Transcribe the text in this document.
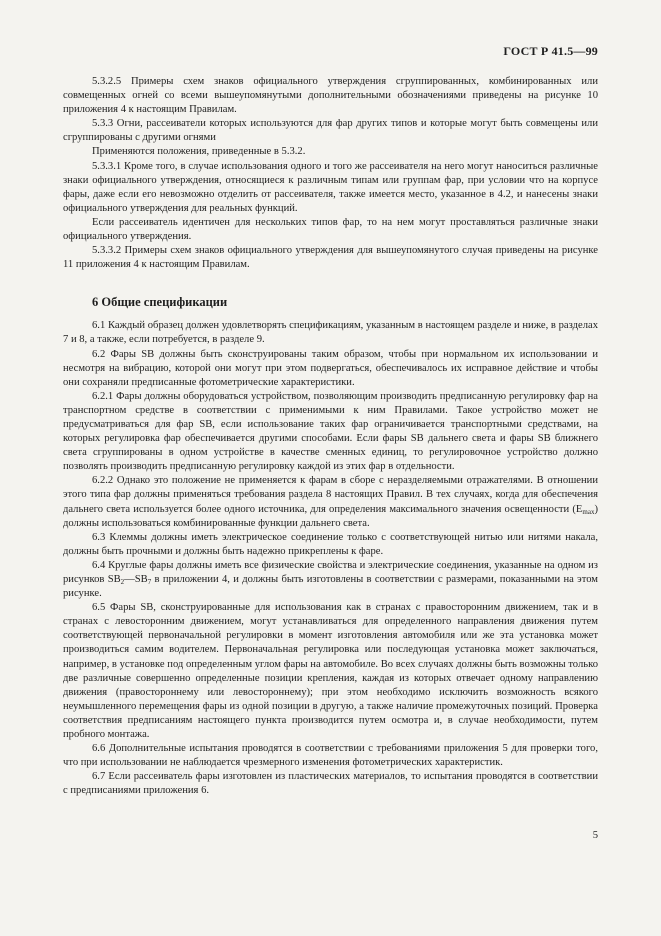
ГОСТ Р 41.5—99

5.3.2.5 Примеры схем знаков официального утверждения сгруппированных, комбинированных или совмещенных огней со всеми вышеупомянутыми дополнительными обозначениями приведены на рисунке 10 приложения 4 к настоящим Правилам.

5.3.3 Огни, рассеиватели которых используются для фар других типов и которые могут быть совмещены или сгруппированы с другими огнями

Применяются положения, приведенные в 5.3.2.

5.3.3.1 Кроме того, в случае использования одного и того же рассеивателя на него могут наноситься различные знаки официального утверждения, относящиеся к различным типам или группам фар, при условии что на корпусе фары, даже если его невозможно отделить от рассеивателя, также имеется место, указанное в 4.2, и нанесены знаки официального утверждения для реальных функций.

Если рассеиватель идентичен для нескольких типов фар, то на нем могут проставляться различные знаки официального утверждения.

5.3.3.2 Примеры схем знаков официального утверждения для вышеупомянутого случая приведены на рисунке 11 приложения 4 к настоящим Правилам.

6 Общие спецификации

6.1 Каждый образец должен удовлетворять спецификациям, указанным в настоящем разделе и ниже, в разделах 7 и 8, а также, если потребуется, в разделе 9.

6.2 Фары SB должны быть сконструированы таким образом, чтобы при нормальном их использовании и несмотря на вибрацию, которой они могут при этом подвергаться, обеспечивалось их исправное действие и чтобы они сохраняли предписанные фотометрические характеристики.

6.2.1 Фары должны оборудоваться устройством, позволяющим производить предписанную регулировку фар на транспортном средстве в соответствии с применимыми к ним Правилами. Такое устройство может не предусматриваться для фар SB, если использование таких фар ограничивается транспортными средствами, на которых регулировка фар обеспечивается другими способами. Если фары SB дальнего света и фары SB ближнего света сгруппированы в одном устройстве в качестве сменных единиц, то регулировочное устройство должно позволять производить предписанную регулировку каждой из этих фар в отдельности.

6.2.2 Однако это положение не применяется к фарам в сборе с неразделяемыми отражателями. В отношении этого типа фар должны применяться требования раздела 8 настоящих Правил. В тех случаях, когда для обеспечения дальнего света используется более одного источника, для определения максимального значения освещенности $(E_{max})$ должны использоваться комбинированные функции дальнего света.

6.3 Клеммы должны иметь электрическое соединение только с соответствующей нитью или нитями накала, должны быть прочными и должны быть надежно прикреплены к фаре.

6.4 Круглые фары должны иметь все физические свойства и электрические соединения, указанные на одном из рисунков $SB_2—SB_7$ в приложении 4, и должны быть изготовлены в соответствии с размерами, показанными на этом рисунке.

6.5 Фары SB, сконструированные для использования как в странах с правосторонним движением, так и в странах с левосторонним движением, могут устанавливаться для определенного направления движения путем соответствующей первоначальной регулировки в момент изготовления автомобиля или же эта установка может производиться самим водителем. Первоначальная регулировка или последующая установка может заключаться, например, в установке под определенным углом фары на автомобиле. Во всех случаях должны быть возможны только две различные совершенно определенные позиции крепления, каждая из которых отвечает одному направлению движения (правостороннему или левостороннему); при этом необходимо исключить возможность всякого неумышленного перемещения фары из одной позиции в другую, а также наличие промежуточных позиций. Проверка соответствия предписаниям настоящего пункта производится путем осмотра и, в случае необходимости, путем пробного монтажа.

6.6 Дополнительные испытания проводятся в соответствии с требованиями приложения 5 для проверки того, что при использовании не наблюдается чрезмерного изменения фотометрических характеристик.

6.7 Если рассеиватель фары изготовлен из пластических материалов, то испытания проводятся в соответствии с предписаниями приложения 6.

5
